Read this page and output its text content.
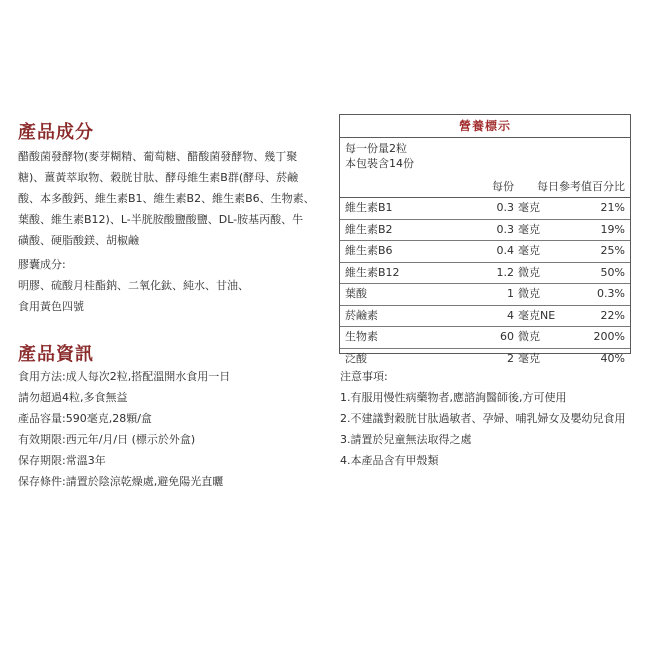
產品成分

醋酸菌發酵物(麥芽糊精、葡萄糖、醋酸菌發酵物、幾丁聚

糖)、薑黃萃取物、穀胱甘肽、酵母維生素B群(酵母、菸鹼

酸、本多酸鈣、維生素B1、維生素B2、維生素B6、生物素、

葉酸、維生素B12)、L-半胱胺酸鹽酸鹽、DL-胺基丙酸、牛

磺酸、硬脂酸鎂、胡椒鹼

膠囊成分:

明膠、硫酸月桂酯鈉、二氧化鈦、純水、甘油、

食用黃色四號

產品資訊

食用方法:成人每次2粒,搭配溫開水食用一日

請勿超過4粒,多食無益

產品容量:590毫克,28顆/盒

有效期限:西元年/月/日 (標示於外盒)

保存期限:常溫3年

保存條件:請置於陰涼乾燥處,避免陽光直曬

營養標示
每一份量2粒
本包裝含14份
每份 每日參考值百分比
維生素B1	0.3 毫克	21%
維生素B2	0.3 毫克	19%
維生素B6	0.4 毫克	25%
維生素B12	1.2 微克	50%
葉酸	1 微克	0.3%
菸鹼素	4 毫克NE	22%
生物素	60 微克	200%
泛酸	2 毫克	40%

注意事項:

1.有服用慢性病藥物者,應諮詢醫師後,方可使用

2.不建議對穀胱甘肽過敏者、孕婦、哺乳婦女及嬰幼兒食用

3.請置於兒童無法取得之處

4.本產品含有甲殼類
